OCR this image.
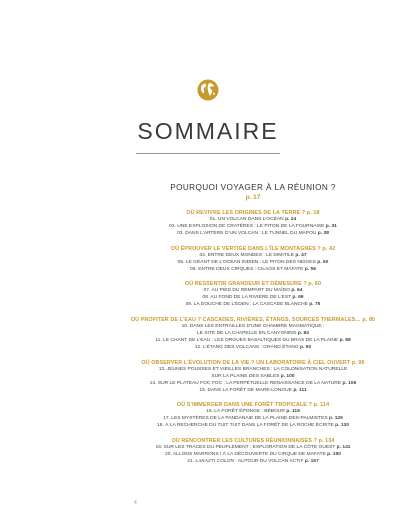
SOMMAIRE
POURQUOI VOYAGER À LA RÉUNION ?
p. 17
OÙ REVIVRE LES ORIGINES DE LA TERRE ? p. 18
01. UN VOLCAN DANS L’OCÉAN p. 24
02. UNE EXPLOSION DE CRATÈRES : LE PITON DE LA FOURNAISE p. 31
03. DANS L’ARTÈRE D’UN VOLCAN : LE TUNNEL DU MAPOU p. 38
OÙ ÉPROUVER LE VERTIGE DANS L’ÎLE MONTAGNES ? p. 42
04. ENTRE DEUX MONDES : LE DIMITILE p. 47
05. LE GÉANT DE L’OCÉAN INDIEN : LE PITON DES NEIGES p. 50
06. ENTRE DEUX CIRQUES : CILAOS ET MAFATE p. 56
OÙ RESSENTIR GRANDEUR ET DÉMESURE ? p. 60
07. AU PIED DU REMPART DU MAÏDO p. 64
08. AU FOND DE LA RIVIÈRE DE L’EST p. 69
09. LA DOUCHE DE L’ÉDEN : LA CASCADE BLANCHE p. 75
OÙ PROFITER DE L’EAU ? CASCADES, RIVIÈRES, ÉTANGS, SOURCES THERMALES… p. 80
10. DANS LES ENTRAILLES D’UNE CHAMBRE MAGMATIQUE :
LE SITE DE LA CHAPELLE EN CANYONING p. 84
11. LE CHANT DE L’EAU : LES ORGUES BASALTIQUES DU BRAS DE LA PLAINE p. 88
12. L’ÉTANG DES VOLCANS : GRAND ÉTANG p. 92
OÙ OBSERVER L’ÉVOLUTION DE LA VIE ? UN LABORATOIRE À CIEL OUVERT p. 96
13. JEUNES POUSSES ET VIEILLES BRANCHES : LA COLONISATION NATURELLE
SUR LA PLAINE DES SABLES p. 100
14. SUR LE PLATEAU FOC FOC : LA PERPÉTUELLE RENAISSANCE DE LA NATURE p. 106
15. DANS LA FORÊT DE MARE-LONGUE p. 111
OÙ S’IMMERGER DANS UNE FORÊT TROPICALE ? p. 114
16. LA FORÊT ÉPONGE : BÉBOUR p. 119
17. LES MYSTÈRES DE LA PANDANAIE DE LA PLAINE-DES-PALMISTES p. 125
18. À LA RECHERCHE DU TUIT TUIT DANS LA FORÊT DE LA ROCHE ÉCRITE p. 130
OÙ RENCONTRER LES CULTURES RÉUNIONNAISES ? p. 134
19. SUR LES TRACES DU PEUPLEMENT : EXPLORATION DE LA CÔTE OUEST p. 141
20. ALLONS MARRONS ! À LA DÉCOUVERTE DU CIRQUE DE MAFATE p. 150
21. LAKAZTI COLON : AUTOUR DU VOLCAN ACTIF p. 157
4
